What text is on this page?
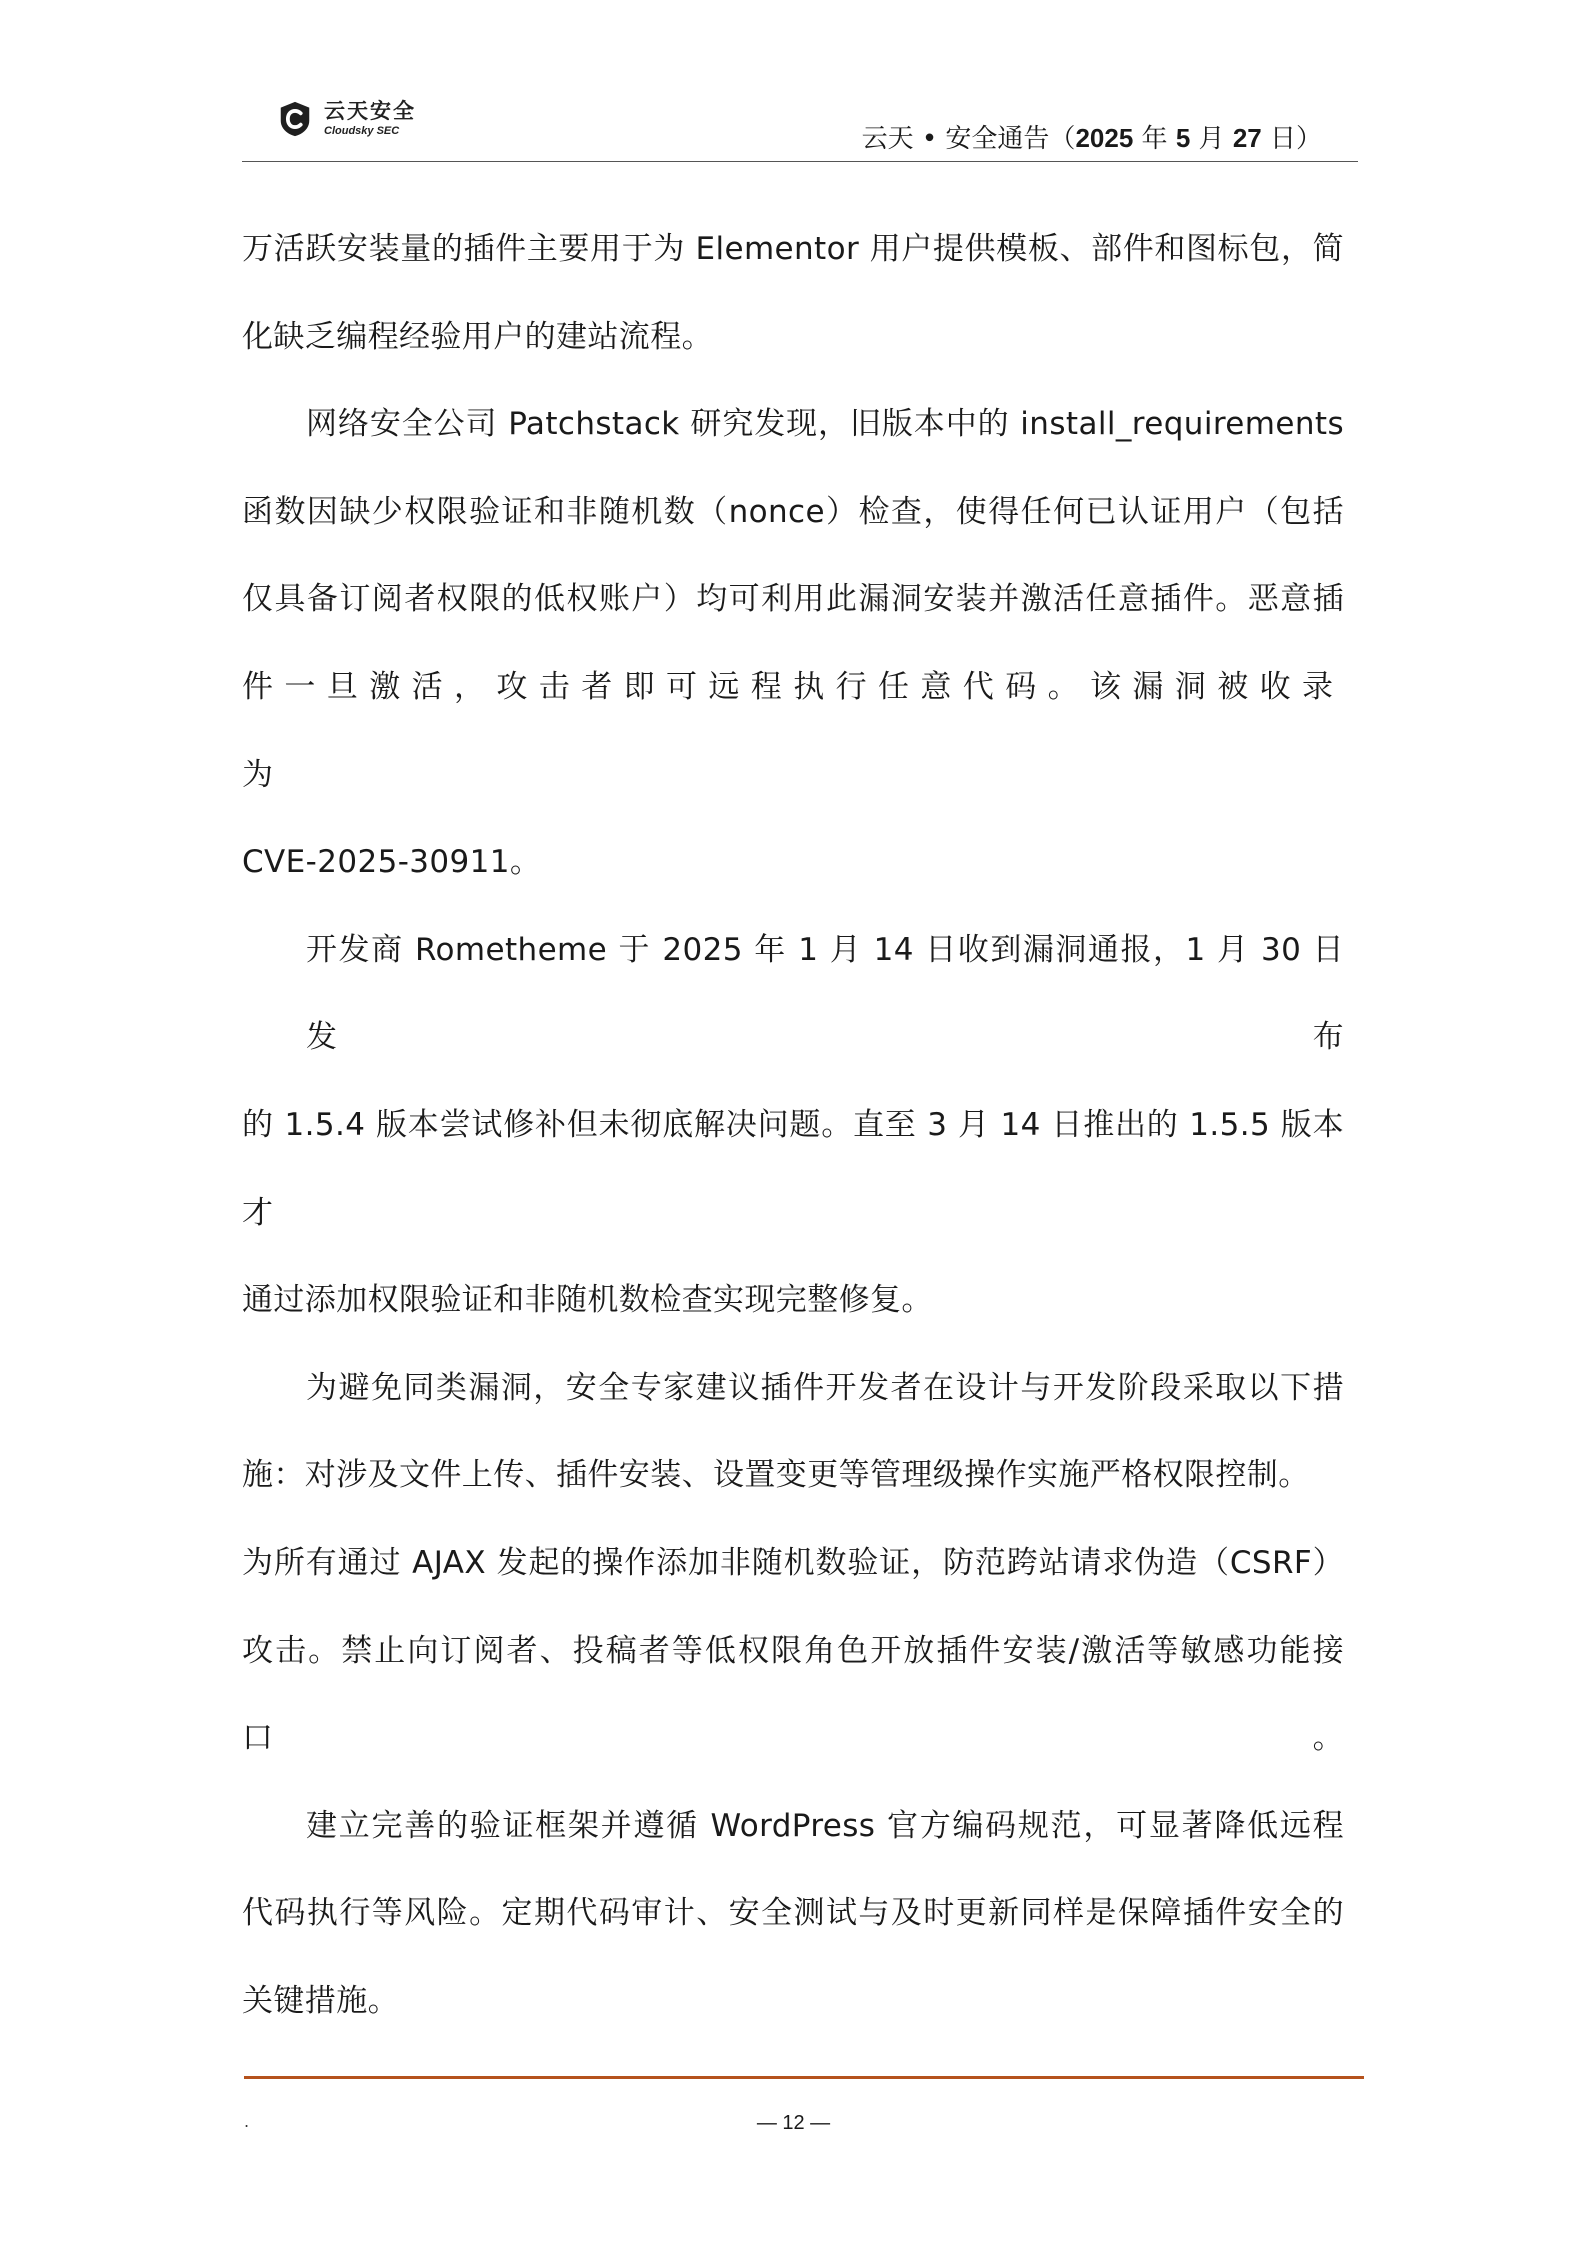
云天安全
Cloudsky SEC	云天 • 安全通告（2025 年 5 月 27 日）

万活跃安装量的插件主要用于为 Elementor 用户提供模板、部件和图标包，简
化缺乏编程经验用户的建站流程。

网络安全公司 Patchstack 研究发现，旧版本中的 install_requirements
函数因缺少权限验证和非随机数（nonce）检查，使得任何已认证用户（包括
仅具备订阅者权限的低权账户）均可利用此漏洞安装并激活任意插件。恶意插
件一旦激活，攻击者即可远程执行任意代码。该漏洞被收录为
CVE-2025-30911。

开发商 Rometheme 于 2025 年 1 月 14 日收到漏洞通报，1 月 30 日发布
的 1.5.4 版本尝试修补但未彻底解决问题。直至 3 月 14 日推出的 1.5.5 版本才
通过添加权限验证和非随机数检查实现完整修复。

为避免同类漏洞，安全专家建议插件开发者在设计与开发阶段采取以下措
施：对涉及文件上传、插件安装、设置变更等管理级操作实施严格权限控制。
为所有通过 AJAX 发起的操作添加非随机数验证，防范跨站请求伪造（CSRF）
攻击。禁止向订阅者、投稿者等低权限角色开放插件安装/激活等敏感功能接口。

建立完善的验证框架并遵循 WordPress 官方编码规范，可显著降低远程
代码执行等风险。定期代码审计、安全测试与及时更新同样是保障插件安全的
关键措施。

.	— 12 —
